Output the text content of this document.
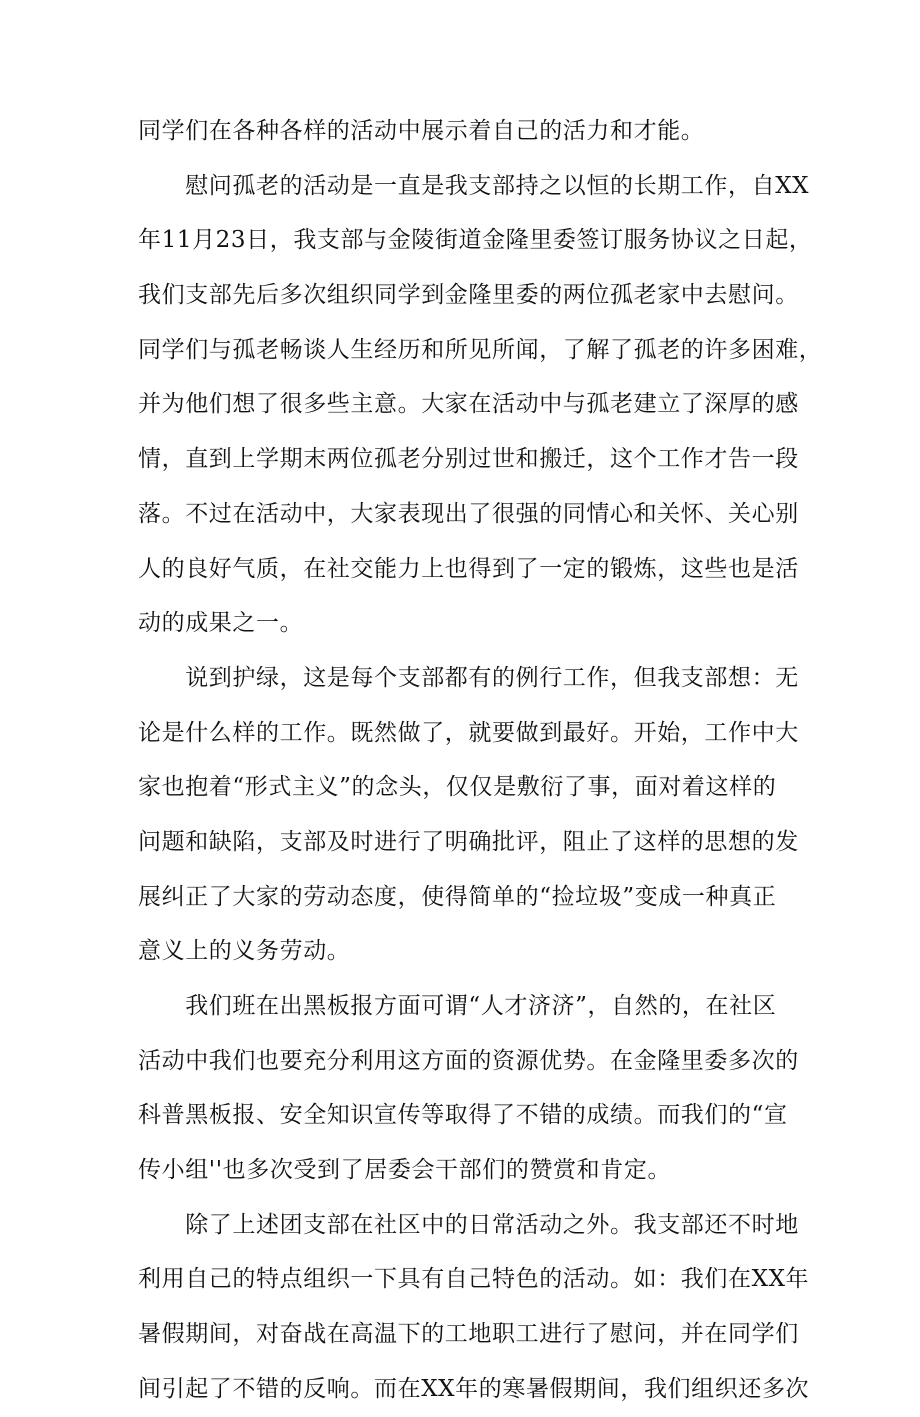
同学们在各种各样的活动中展示着自己的活力和才能。
　　慰问孤老的活动是一直是我支部持之以恒的长期工作，自XX
年11月23日，我支部与金陵街道金隆里委签订服务协议之日起，
我们支部先后多次组织同学到金隆里委的两位孤老家中去慰问。
同学们与孤老畅谈人生经历和所见所闻，了解了孤老的许多困难，
并为他们想了很多些主意。大家在活动中与孤老建立了深厚的感
情，直到上学期末两位孤老分别过世和搬迁，这个工作才告一段
落。不过在活动中，大家表现出了很强的同情心和关怀、关心别
人的良好气质，在社交能力上也得到了一定的锻炼，这些也是活
动的成果之一。
　　说到护绿，这是每个支部都有的例行工作，但我支部想：无
论是什么样的工作。既然做了，就要做到最好。开始，工作中大
家也抱着“形式主义”的念头，仅仅是敷衍了事，面对着这样的
问题和缺陷，支部及时进行了明确批评，阻止了这样的思想的发
展纠正了大家的劳动态度，使得简单的“捡垃圾”变成一种真正
意义上的义务劳动。
　　我们班在出黑板报方面可谓“人才济济”，自然的，在社区
活动中我们也要充分利用这方面的资源优势。在金隆里委多次的
科普黑板报、安全知识宣传等取得了不错的成绩。而我们的“宣
传小组''也多次受到了居委会干部们的赞赏和肯定。
　　除了上述团支部在社区中的日常活动之外。我支部还不时地
利用自己的特点组织一下具有自己特色的活动。如：我们在XX年
暑假期间，对奋战在高温下的工地职工进行了慰问，并在同学们
间引起了不错的反响。而在XX年的寒暑假期间，我们组织还多次
